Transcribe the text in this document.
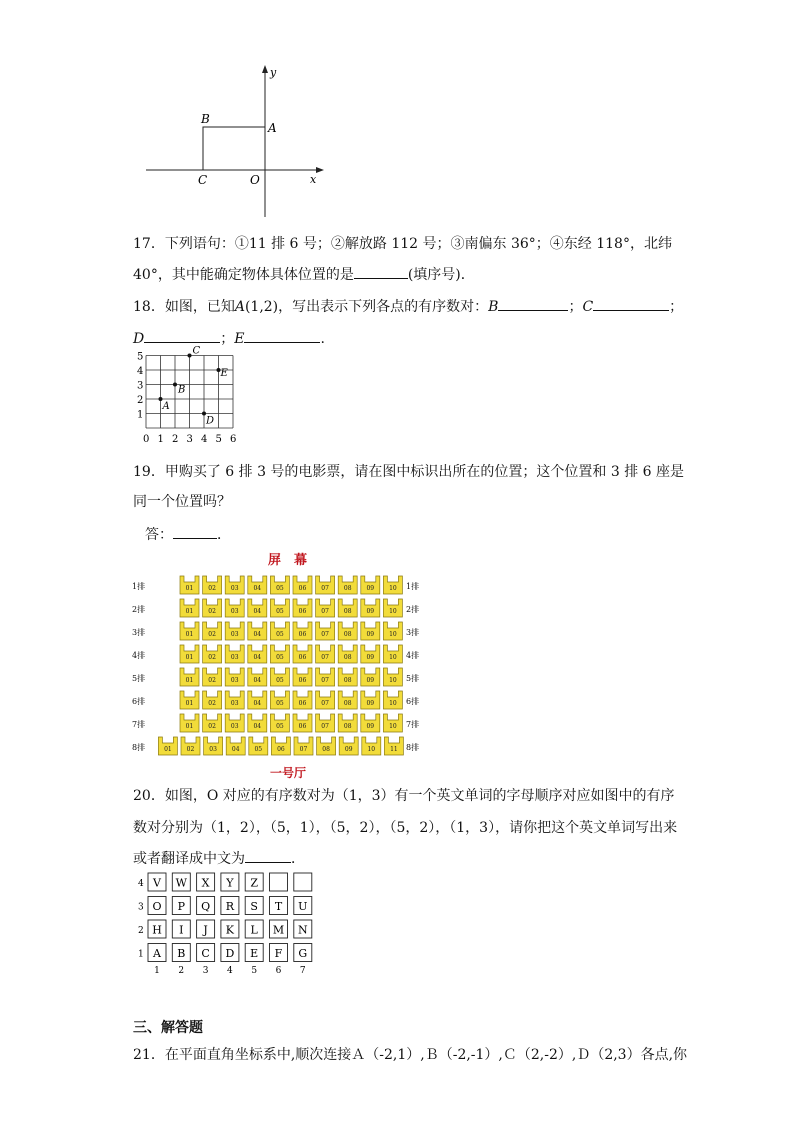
y
x
A
B
C	O
17．下列语句：①11 排 6 号；②解放路 112 号；③南偏东 36°；④东经 118°，北纬
40°，其中能确定物体具体位置的是	(填序号)．
18．如图，已知A(1,2)，写出表示下列各点的有序数对：B	；C	；
D	；E	.
1
2
3
4
5
0 1 2 3 4 5 6
A
B
C
D
E
19．甲购买了 6 排 3 号的电影票，请在图中标识出所在的位置；这个位置和 3 排 6 座是
同一个位置吗？
答：	．
屏　幕
1排	1排
01 02 03 04 05 06 07 08 09 10
2排	2排
01 02 03 04 05 06 07 08 09 10
3排	3排
01 02 03 04 05 06 07 08 09 10
4排	4排
01 02 03 04 05 06 07 08 09 10
5排	5排
01 02 03 04 05 06 07 08 09 10
6排	6排
01 02 03 04 05 06 07 08 09 10
7排	7排
01 02 03 04 05 06 07 08 09 10
8排	8排
01 02 03 04 05 06 07 08 09 10 11
一号厅
20．如图，O 对应的有序数对为（1，3）有一个英文单词的字母顺序对应如图中的有序
数对分别为（1，2），（5，1），（5，2），（5，2），（1，3），请你把这个英文单词写出来
或者翻译成中文为	．
4 V W X Y Z
3 O P Q R S T U
2 H I J K L M N
1 A B C D E F G
1 2 3 4 5 6 7
三、解答题
21．在平面直角坐标系中,顺次连接Ａ（-2,1）,Ｂ（-2,-1）,Ｃ（2,-2）,Ｄ（2,3）各点,你
